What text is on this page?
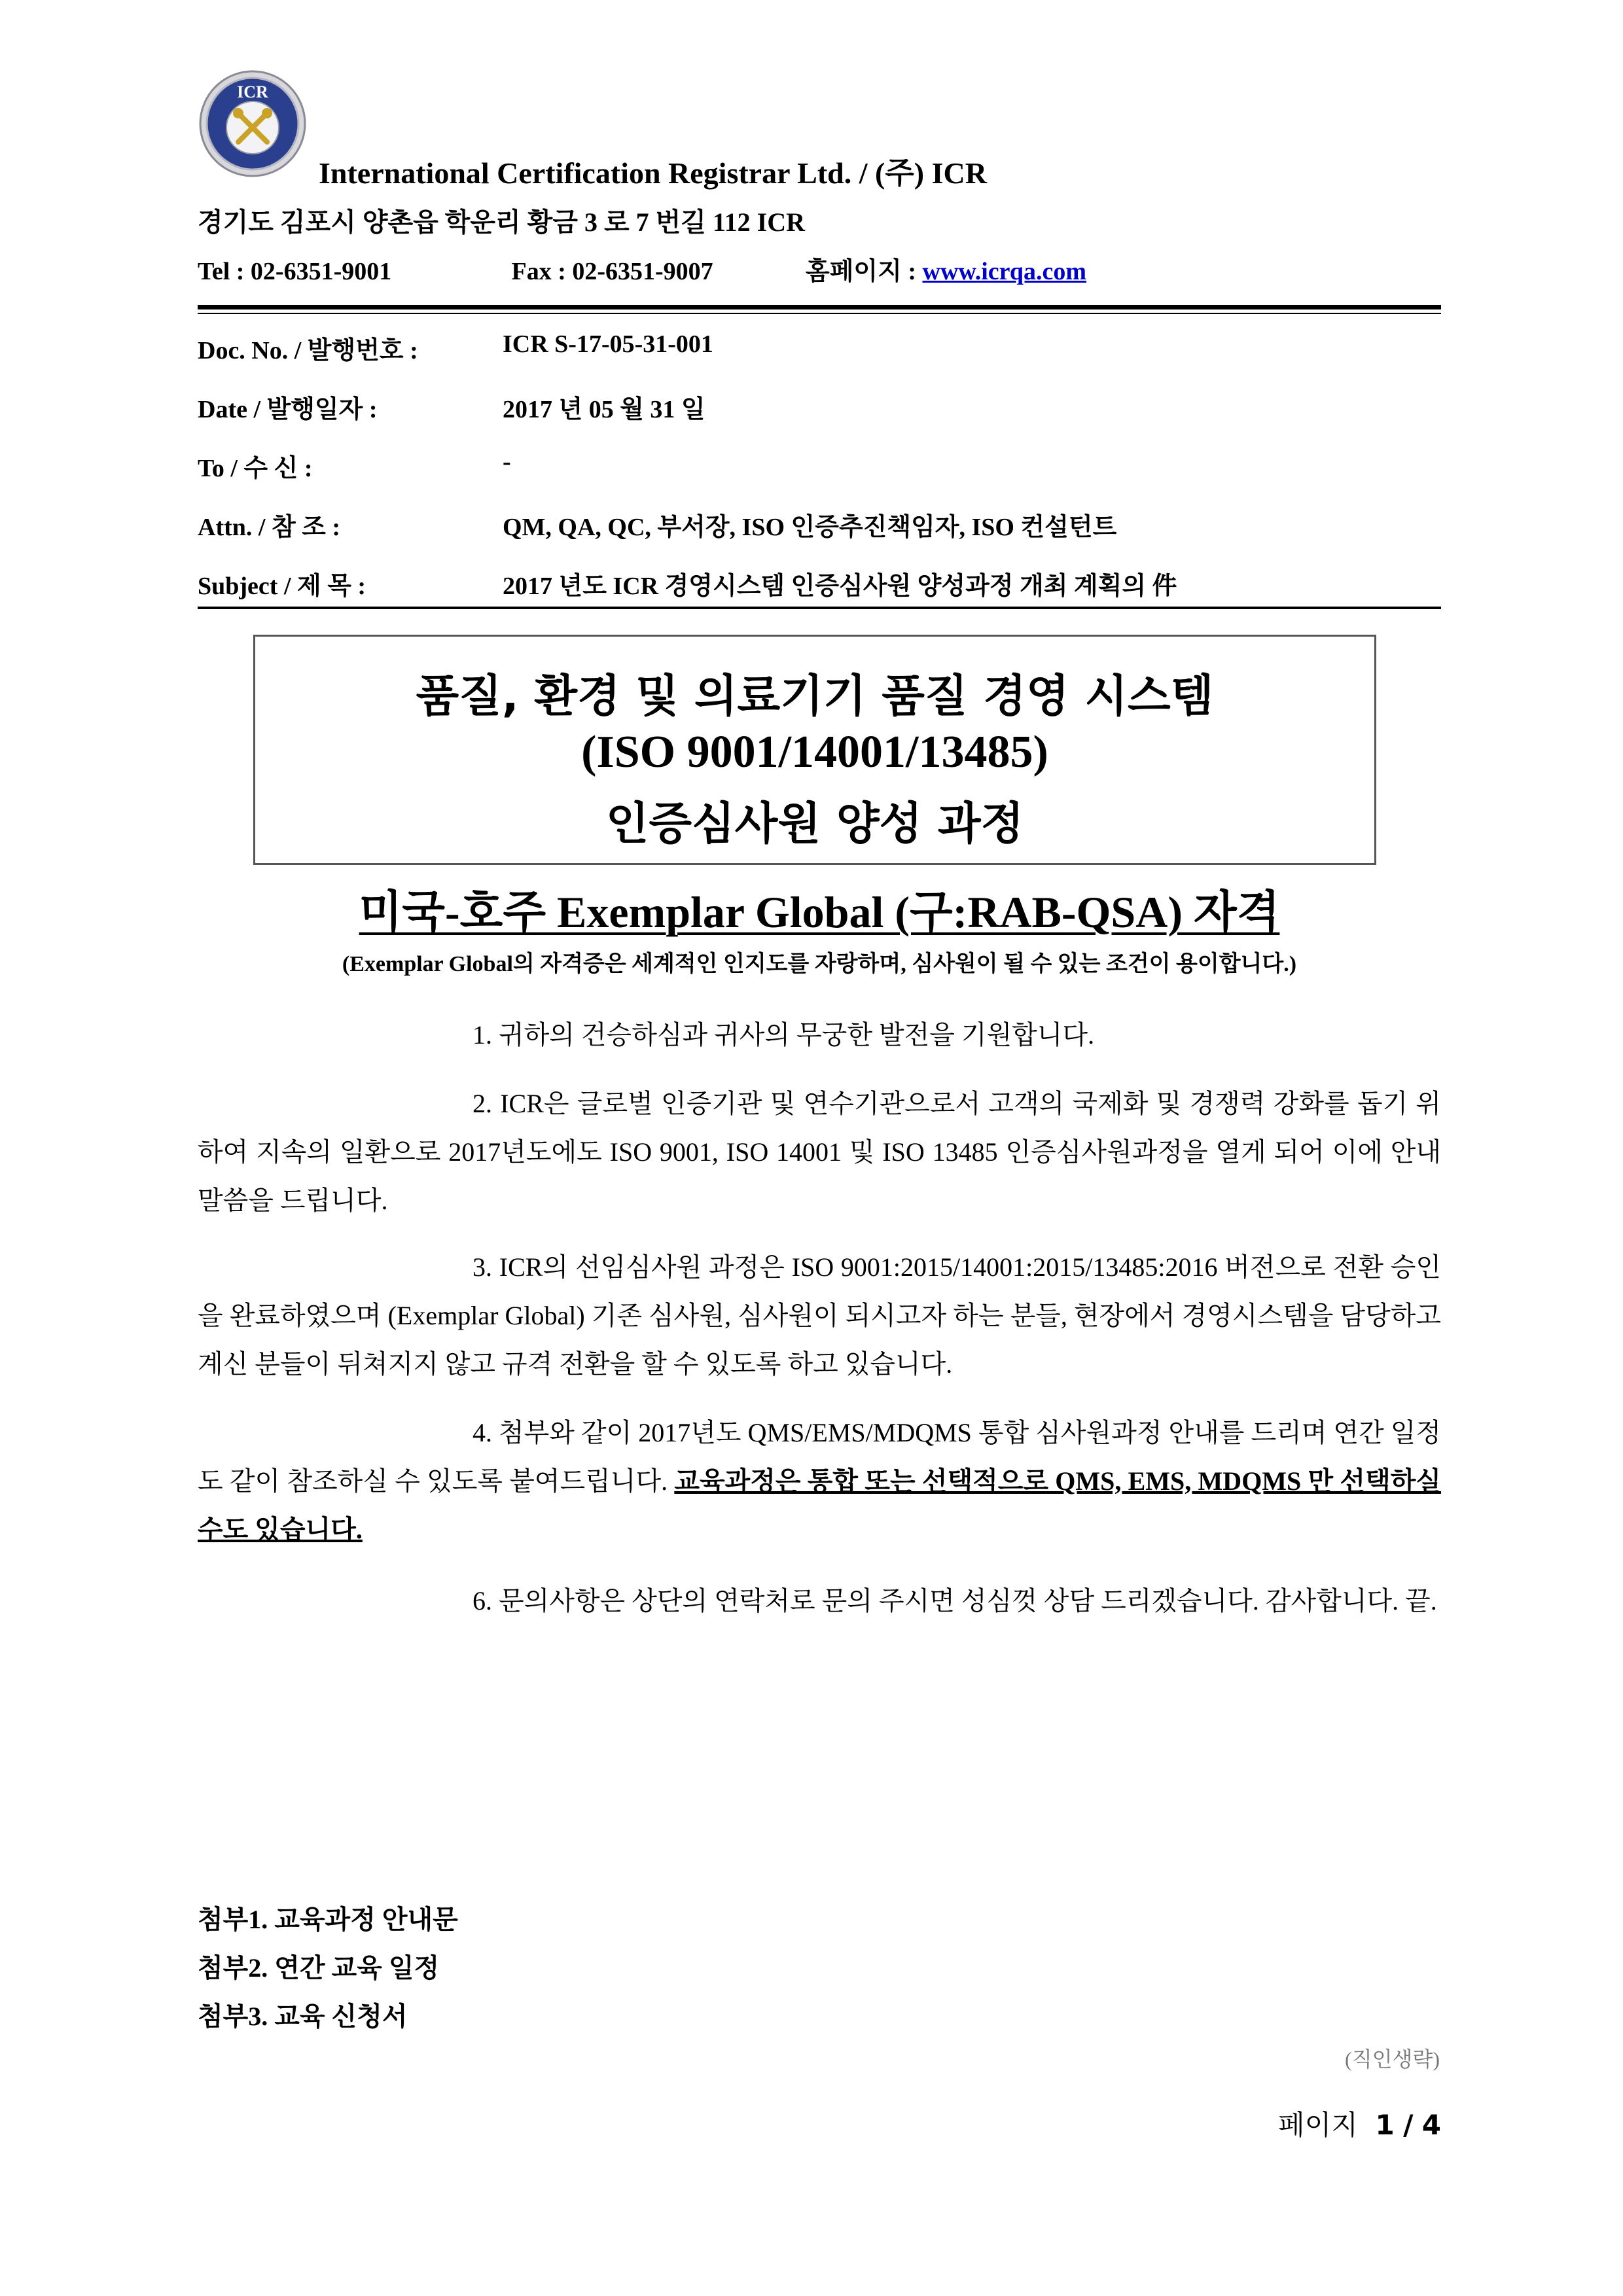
ICR
International Certification Registrar Ltd. / (주) ICR
경기도 김포시 양촌읍 학운리 황금 3 로 7 번길 112 ICR
Tel : 02-6351-9001	Fax : 02-6351-9007	홈페이지 : www.icrqa.com
Doc. No. / 발행번호 :	ICR S-17-05-31-001
Date / 발행일자 :	2017 년 05 월 31 일
To / 수 신 :	-
Attn. / 참 조 :	QM, QA, QC, 부서장, ISO 인증추진책임자, ISO 컨설턴트
Subject / 제 목 :	2017 년도 ICR 경영시스템 인증심사원 양성과정 개최 계획의 件
품질, 환경 및 의료기기 품질 경영 시스템
(ISO 9001/14001/13485)
인증심사원 양성 과정
미국-호주 Exemplar Global (구:RAB-QSA) 자격
(Exemplar Global의 자격증은 세계적인 인지도를 자랑하며, 심사원이 될 수 있는 조건이 용이합니다.)
1. 귀하의 건승하심과 귀사의 무궁한 발전을 기원합니다.
2. ICR은 글로벌 인증기관 및 연수기관으로서 고객의 국제화 및 경쟁력 강화를 돕기 위하여 지속의 일환으로 2017년도에도 ISO 9001, ISO 14001 및 ISO 13485 인증심사원과정을 열게 되어 이에 안내 말씀을 드립니다.
3. ICR의 선임심사원 과정은 ISO 9001:2015/14001:2015/13485:2016 버전으로 전환 승인을 완료하였으며 (Exemplar Global) 기존 심사원, 심사원이 되시고자 하는 분들, 현장에서 경영시스템을 담당하고 계신 분들이 뒤쳐지지 않고 규격 전환을 할 수 있도록 하고 있습니다.
4. 첨부와 같이 2017년도 QMS/EMS/MDQMS 통합 심사원과정 안내를 드리며 연간 일정도 같이 참조하실 수 있도록 붙여드립니다. 교육과정은 통합 또는 선택적으로 QMS, EMS, MDQMS 만 선택하실 수도 있습니다.
6. 문의사항은 상단의 연락처로 문의 주시면 성심껏 상담 드리겠습니다. 감사합니다. 끝.
첨부1. 교육과정 안내문
첨부2. 연간 교육 일정
첨부3. 교육 신청서
(직인생략)
페이지 1 / 4
